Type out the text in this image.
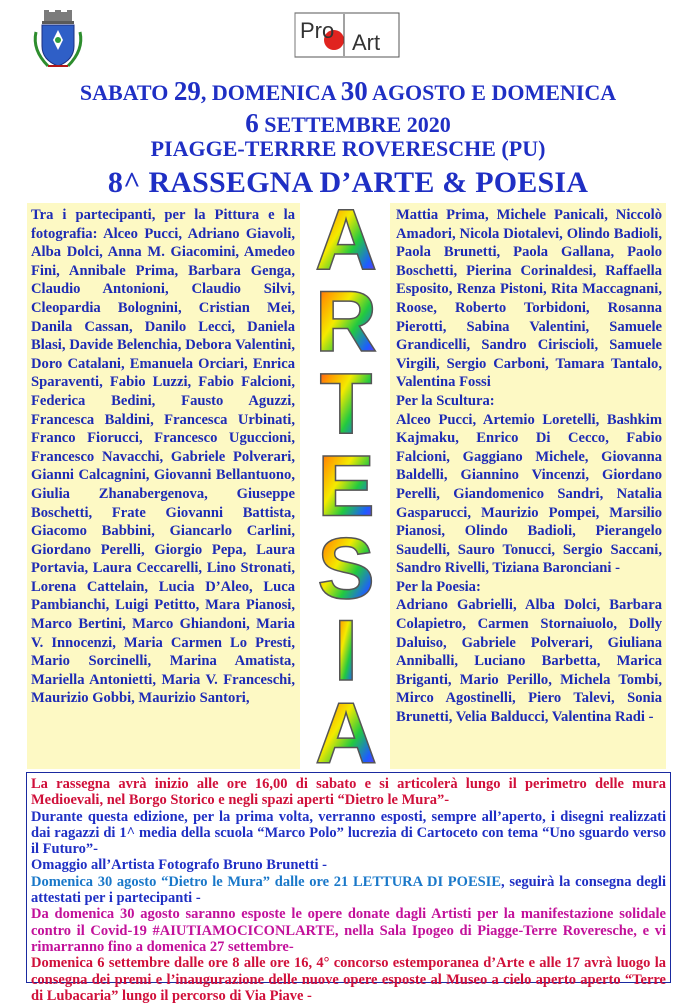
Pro Art
SABATO 29, DOMENICA 30 AGOSTO E DOMENICA
6 SETTEMBRE 2020
PIAGGE-TERRRE ROVERESCHE (PU)
8^ RASSEGNA D’ARTE & POESIA

Tra i partecipanti, per la Pittura e la fotografia: Alceo Pucci, Adriano Giavoli, Alba Dolci, Anna M. Giacomini, Amedeo Fini, Annibale Prima, Barbara Genga, Claudio Antonioni, Claudio Silvi, Cleopardia Bolognini, Cristian Mei, Danila Cassan, Danilo Lecci, Daniela Blasi, Davide Belenchia, Debora Valentini, Doro Catalani, Emanuela Orciari, Enrica Sparaventi, Fabio Luzzi, Fabio Falcioni, Federica Bedini, Fausto Aguzzi, Francesca Baldini, Francesca Urbinati, Franco Fiorucci, Francesco Uguccioni, Francesco Navacchi, Gabriele Polverari, Gianni Calcagnini, Giovanni Bellantuono, Giulia Zhanabergenova, Giuseppe Boschetti, Frate Giovanni Battista, Giacomo Babbini, Giancarlo Carlini, Giordano Perelli, Giorgio Pepa, Laura Portavia, Laura Ceccarelli, Lino Stronati, Lorena Cattelain, Lucia D’Aleo, Luca Pambianchi, Luigi Petitto, Mara Pianosi, Marco Bertini, Marco Ghiandoni, Maria V. Innocenzi, Maria Carmen Lo Presti, Mario Sorcinelli, Marina Amatista, Mariella Antonietti, Maria V. Franceschi, Maurizio Gobbi, Maurizio Santori,

A
R
T
E
S
I
A

Mattia Prima, Michele Panicali, Niccolò Amadori, Nicola Diotalevi, Olindo Badioli, Paola Brunetti, Paola Gallana, Paolo Boschetti, Pierina Corinaldesi, Raffaella Esposito, Renza Pistoni, Rita Maccagnani, Roose, Roberto Torbidoni, Rosanna Pierotti, Sabina Valentini, Samuele Grandicelli, Sandro Ciriscioli, Samuele Virgili, Sergio Carboni, Tamara Tantalo, Valentina Fossi

Per la Scultura:

Alceo Pucci, Artemio Loretelli, Bashkim Kajmaku, Enrico Di Cecco, Fabio Falcioni, Gaggiano Michele, Giovanna Baldelli, Giannino Vincenzi, Giordano Perelli, Giandomenico Sandri, Natalia Gasparucci, Maurizio Pompei, Marsilio Pianosi, Olindo Badioli, Pierangelo Saudelli, Sauro Tonucci, Sergio Saccani, Sandro Rivelli, Tiziana Baronciani -

Per la Poesia:

Adriano Gabrielli, Alba Dolci, Barbara Colapietro, Carmen Stornaiuolo, Dolly Daluiso, Gabriele Polverari, Giuliana Anniballi, Luciano Barbetta, Marica Briganti, Mario Perillo, Michela Tombi, Mirco Agostinelli, Piero Talevi, Sonia Brunetti, Velia Balducci, Valentina Radi -

La rassegna avrà inizio alle ore 16,00 di sabato e si articolerà lungo il perimetro delle mura Medioevali, nel Borgo Storico e negli spazi aperti “Dietro le Mura”-

Durante questa edizione, per la prima volta, verranno esposti, sempre all’aperto, i disegni realizzati dai ragazzi di 1^ media della scuola “Marco Polo” lucrezia di Cartoceto con tema “Uno sguardo verso il Futuro”-

Omaggio all’Artista Fotografo Bruno Brunetti -

Domenica 30 agosto “Dietro le Mura” dalle ore 21 LETTURA DI POESIE, seguirà la consegna degli attestati per i partecipanti -

Da domenica 30 agosto saranno esposte le opere donate dagli Artisti per la manifestazione solidale contro il Covid-19 #AIUTIAMOCICONLARTE, nella Sala Ipogeo di Piagge-Terre Roveresche, e vi rimarranno fino a domenica 27 settembre-

Domenica 6 settembre dalle ore 8 alle ore 16, 4° concorso estemporanea d’Arte e alle 17 avrà luogo la consegna dei premi e l’inaugurazione delle nuove opere esposte al Museo a cielo aperto aperto “Terre di Lubacaria” lungo il percorso di Via Piave -
